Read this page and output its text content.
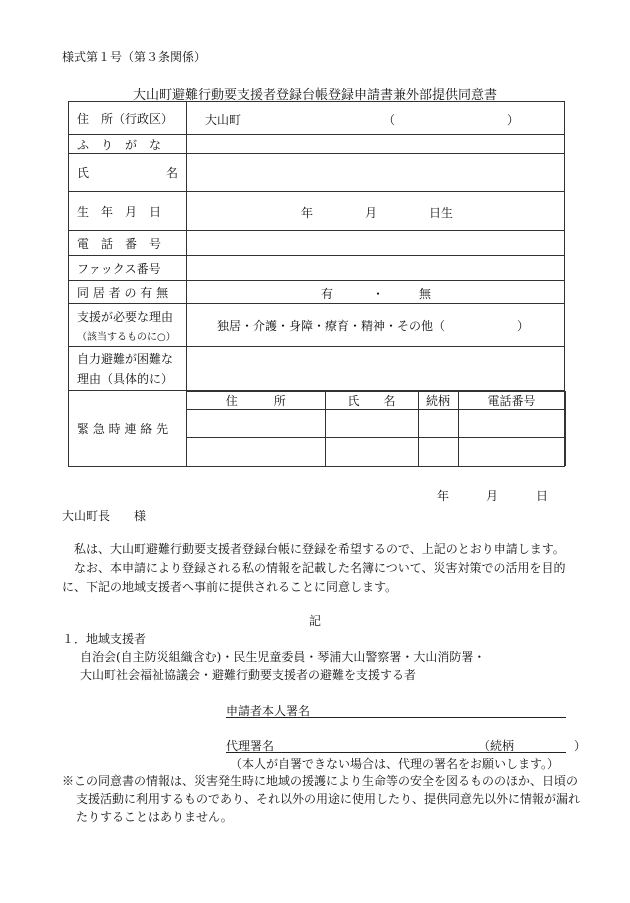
様式第１号（第３条関係）
大山町避難行動要支援者登録台帳登録申請書兼外部提供同意書
住　所（行政区）	大山町	（	）

ふ　り　が　な

氏	名

生　年　月　日	年	月	日生

電　話　番　号

ファックス番号	
同 居 者 の 有 無	有	・	無

支援が必要な理由
（該当するものに○）
	独居・介護・身障・療育・精神・その他（　　　　　　）

自力避難が困難な
理由（具体的に）

緊 急 時 連 絡 先

住　　　所	氏　　名	続柄	電話番号

年	月	日
大山町長　　様
　私は、大山町避難行動要支援者登録台帳に登録を希望するので、上記のとおり申請します。
　なお、本申請により登録される私の情報を記載した名簿について、災害対策での活用を目的に、下記の地域支援者へ事前に提供されることに同意します。
記
１．地域支援者
自治会(自主防災組織含む)・民生児童委員・琴浦大山警察署・大山消防署・
大山町社会福祉協議会・避難行動要支援者の避難を支援する者
申請者本人署名
代理署名	（続柄　　　　　）
（本人が自署できない場合は、代理の署名をお願いします。）
※この同意書の情報は、災害発生時に地域の援護により生命等の安全を図るもののほか、日頃の
支援活動に利用するものであり、それ以外の用途に使用したり、提供同意先以外に情報が漏れ
たりすることはありません。
